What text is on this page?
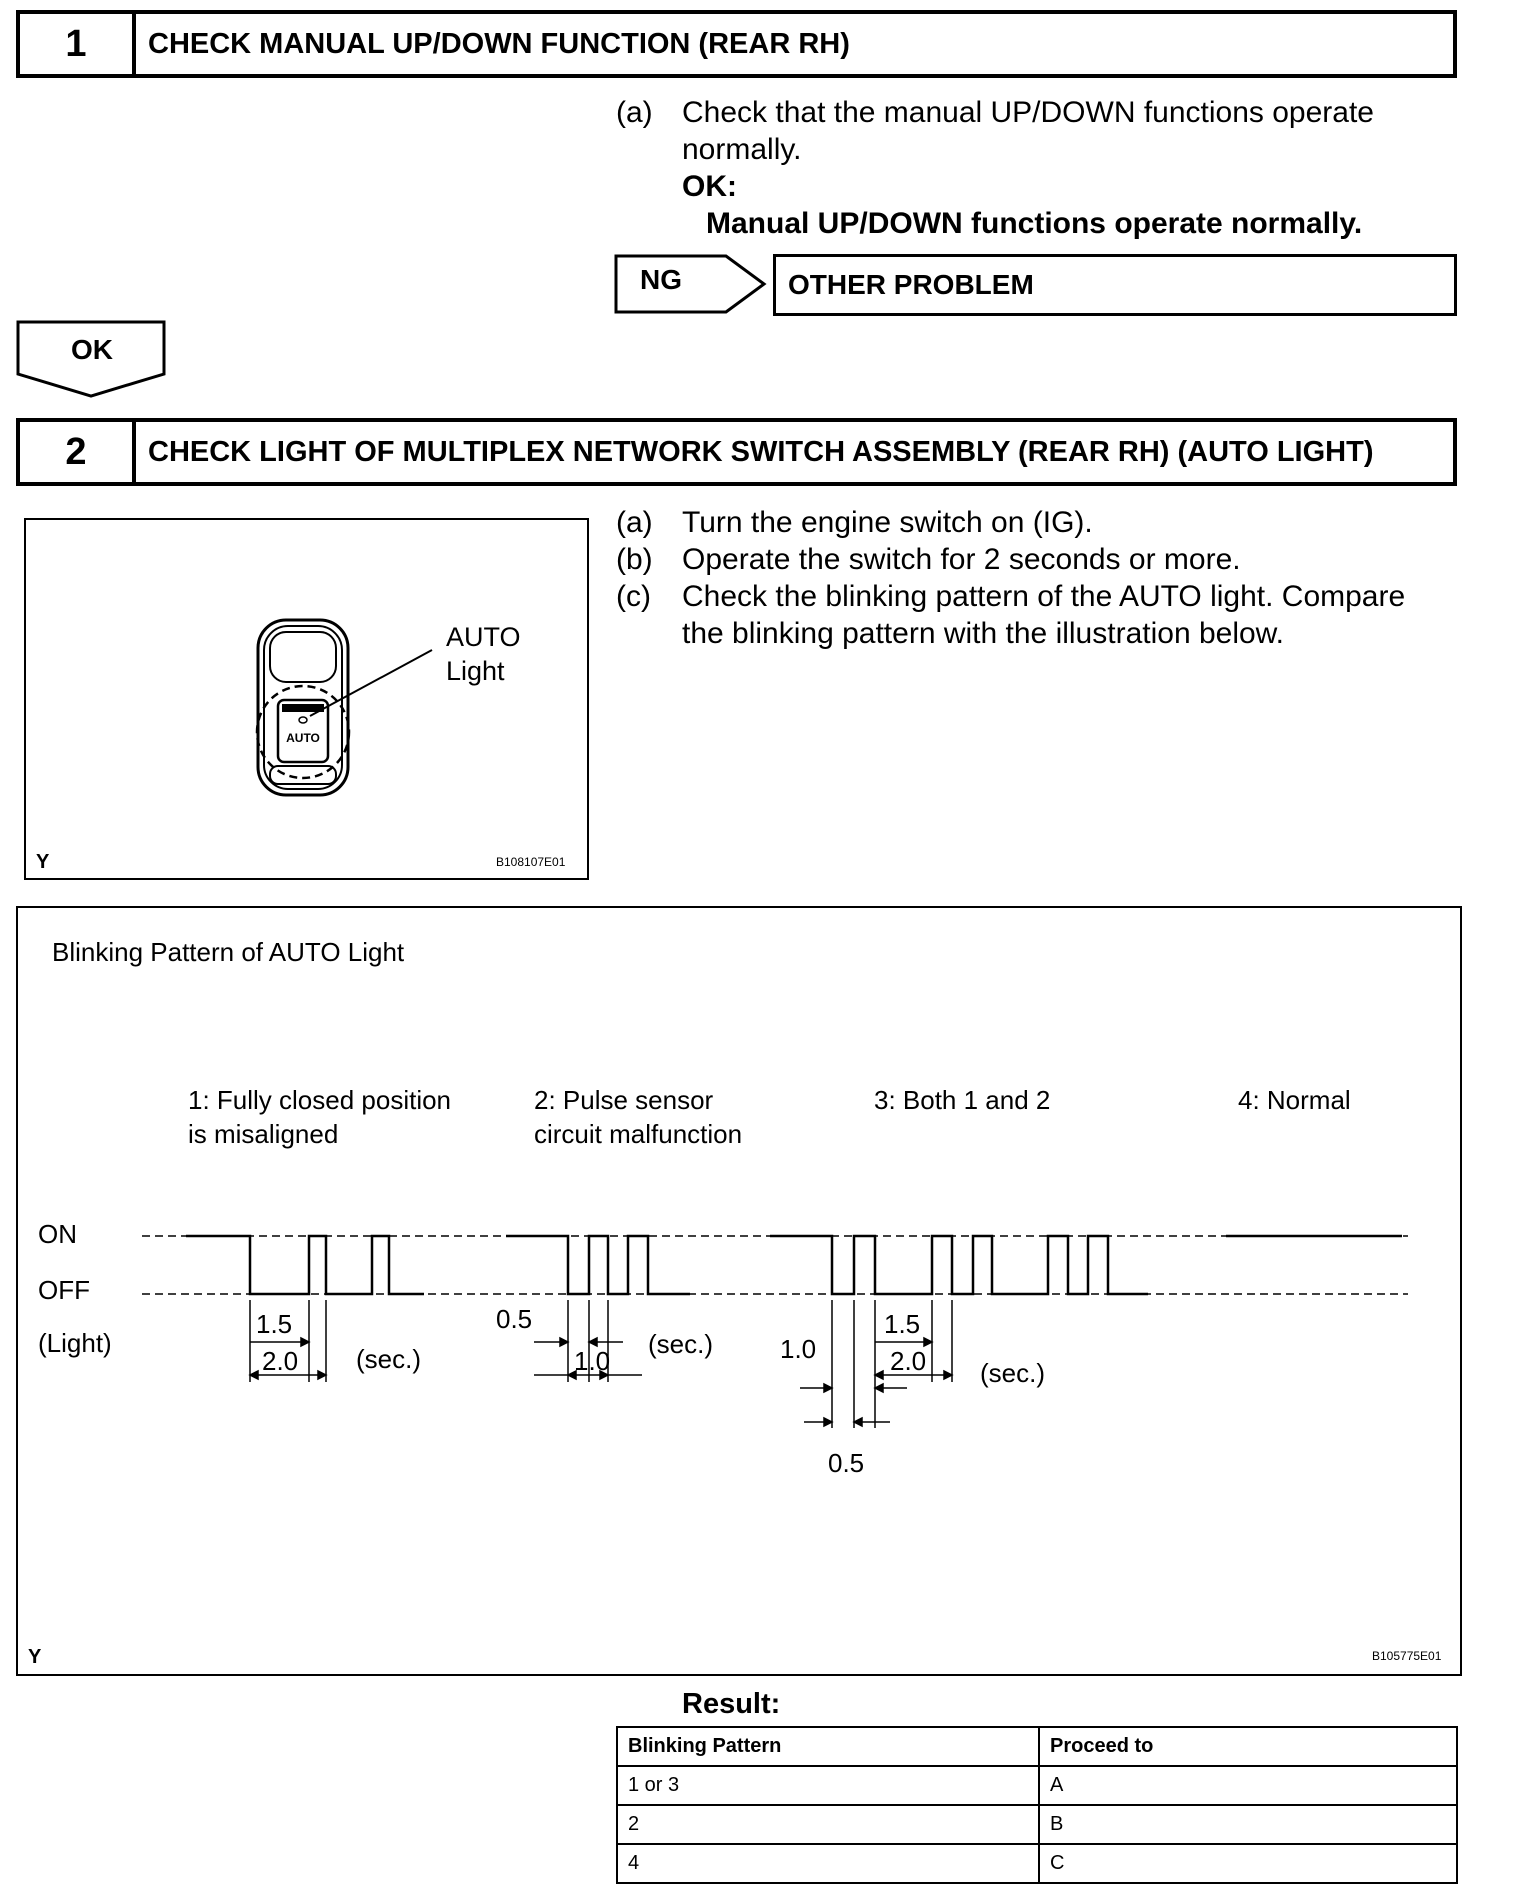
1	CHECK MANUAL UP/DOWN FUNCTION (REAR RH)
(a) Check that the manual UP/DOWN functions operate
normally.
OK:
Manual UP/DOWN functions operate normally.
NG	OTHER PROBLEM
OK
2	CHECK LIGHT OF MULTIPLEX NETWORK SWITCH ASSEMBLY (REAR RH) (AUTO LIGHT)
AUTO
AUTO
Light
Y	B108107E01
(a) Turn the engine switch on (IG).
(b) Operate the switch for 2 seconds or more.
(c) Check the blinking pattern of the AUTO light. Compare
the blinking pattern with the illustration below.
Blinking Pattern of AUTO Light
1: Fully closed position
is misaligned
2: Pulse sensor
circuit malfunction
3: Both 1 and 2	4: Normal
ON
OFF
(Light)
1.5
2.0 (sec.)
0.5
1.0
(sec.)	1.0
1.5
2.0
0.5
(sec.)
Y	B105775E01
Result:
Blinking Pattern	Proceed to
1 or 3	A
2	B
4	C
